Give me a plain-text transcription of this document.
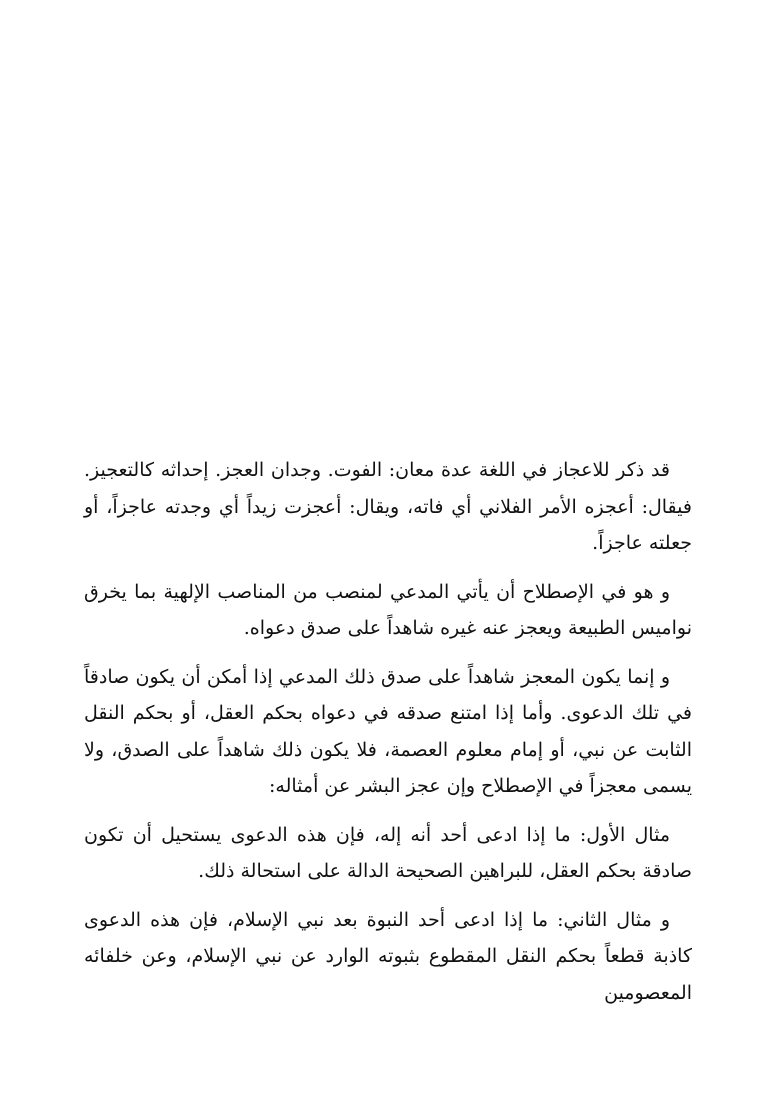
قد ذكر للاعجاز في اللغة عدة معان: الفوت. وجدان العجز. إحداثه كالتعجيز. فيقال: أعجزه الأمر الفلاني أي فاته، ويقال: أعجزت زيداً أي وجدته عاجزاً، أو جعلته عاجزاً.

و هو في الإصطلاح أن يأتي المدعي لمنصب من المناصب الإلهية بما يخرق نواميس الطبيعة ويعجز عنه غيره شاهداً على صدق دعواه.

و إنما يكون المعجز شاهداً على صدق ذلك المدعي إذا أمكن أن يكون صادقاً في تلك الدعوى. وأما إذا امتنع صدقه في دعواه بحكم العقل، أو بحكم النقل الثابت عن نبي، أو إمام معلوم العصمة، فلا يكون ذلك شاهداً على الصدق، ولا يسمى معجزاً في الإصطلاح وإن عجز البشر عن أمثاله:

مثال الأول: ما إذا ادعى أحد أنه إله، فإن هذه الدعوى يستحيل أن تكون صادقة بحكم العقل، للبراهين الصحيحة الدالة على استحالة ذلك.

و مثال الثاني: ما إذا ادعى أحد النبوة بعد نبي الإسلام، فإن هذه الدعوى كاذبة قطعاً بحكم النقل المقطوع بثبوته الوارد عن نبي الإسلام، وعن خلفائه المعصومين
